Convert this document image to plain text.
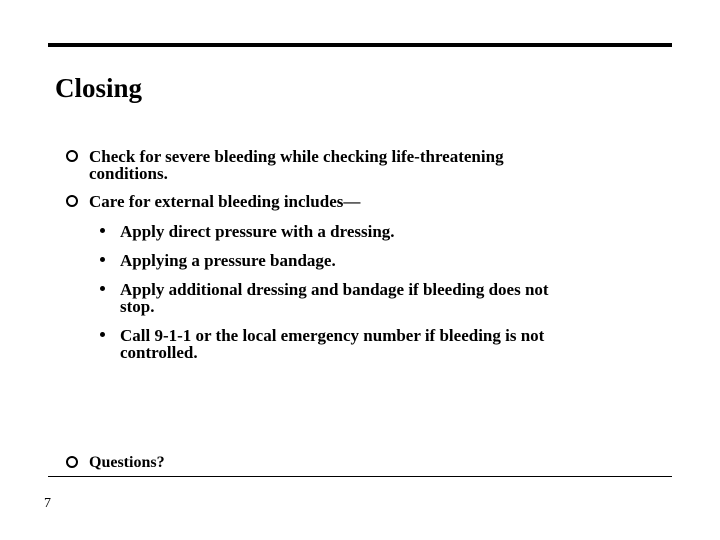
Closing
Check for severe bleeding while checking life-threatening
conditions.
Care for external bleeding includes—
Apply direct pressure with a dressing.
Applying a pressure bandage.
Apply additional dressing and bandage if bleeding does not
stop.
Call 9-1-1 or the local emergency number if bleeding is not
controlled.
Questions?
7
